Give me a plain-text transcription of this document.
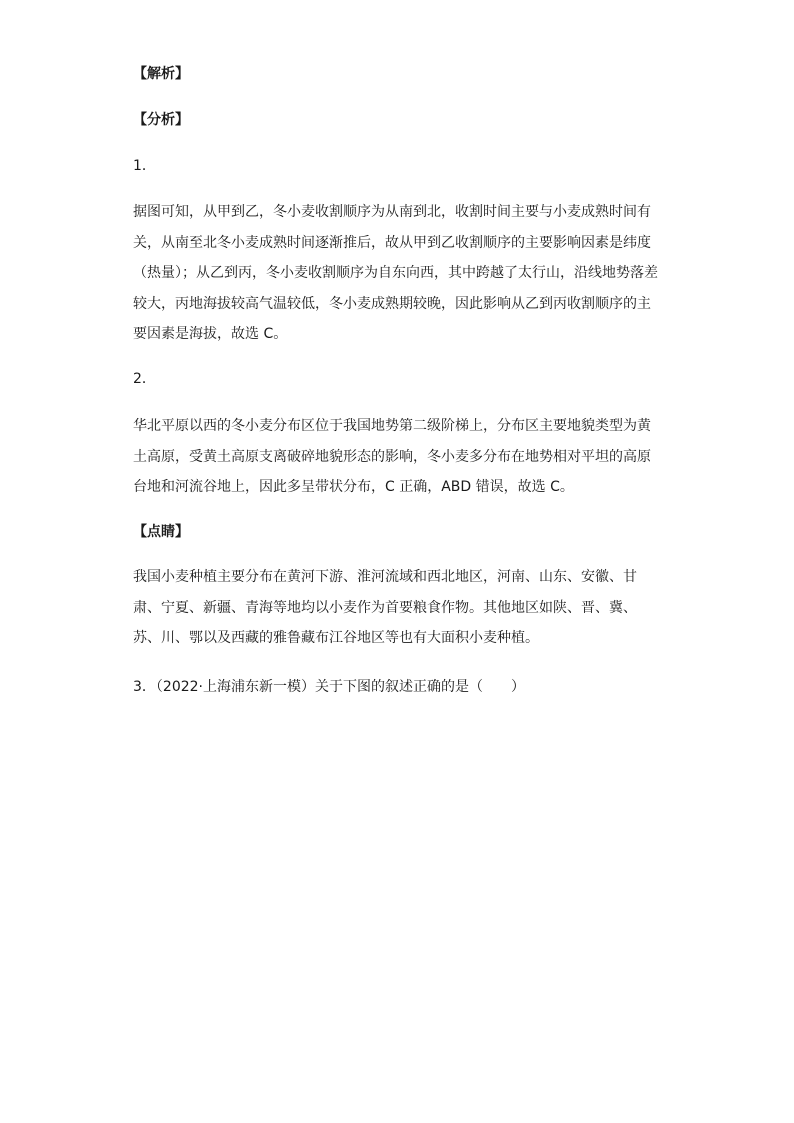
【解析】
【分析】
1．
据图可知，从甲到乙，冬小麦收割顺序为从南到北，收割时间主要与小麦成熟时间有
关，从南至北冬小麦成熟时间逐渐推后，故从甲到乙收割顺序的主要影响因素是纬度
（热量）；从乙到丙，冬小麦收割顺序为自东向西，其中跨越了太行山，沿线地势落差
较大，丙地海拔较高气温较低，冬小麦成熟期较晚，因此影响从乙到丙收割顺序的主
要因素是海拔，故选 C。
2．
华北平原以西的冬小麦分布区位于我国地势第二级阶梯上，分布区主要地貌类型为黄
土高原，受黄土高原支离破碎地貌形态的影响，冬小麦多分布在地势相对平坦的高原
台地和河流谷地上，因此多呈带状分布，C 正确，ABD 错误，故选 C。
【点睛】
我国小麦种植主要分布在黄河下游、淮河流域和西北地区，河南、山东、安徽、甘
肃、宁夏、新疆、青海等地均以小麦作为首要粮食作物。其他地区如陕、晋、冀、
苏、川、鄂以及西藏的雅鲁藏布江谷地区等也有大面积小麦种植。
3．（2022·上海浦东新一模）关于下图的叙述正确的是（　　）
